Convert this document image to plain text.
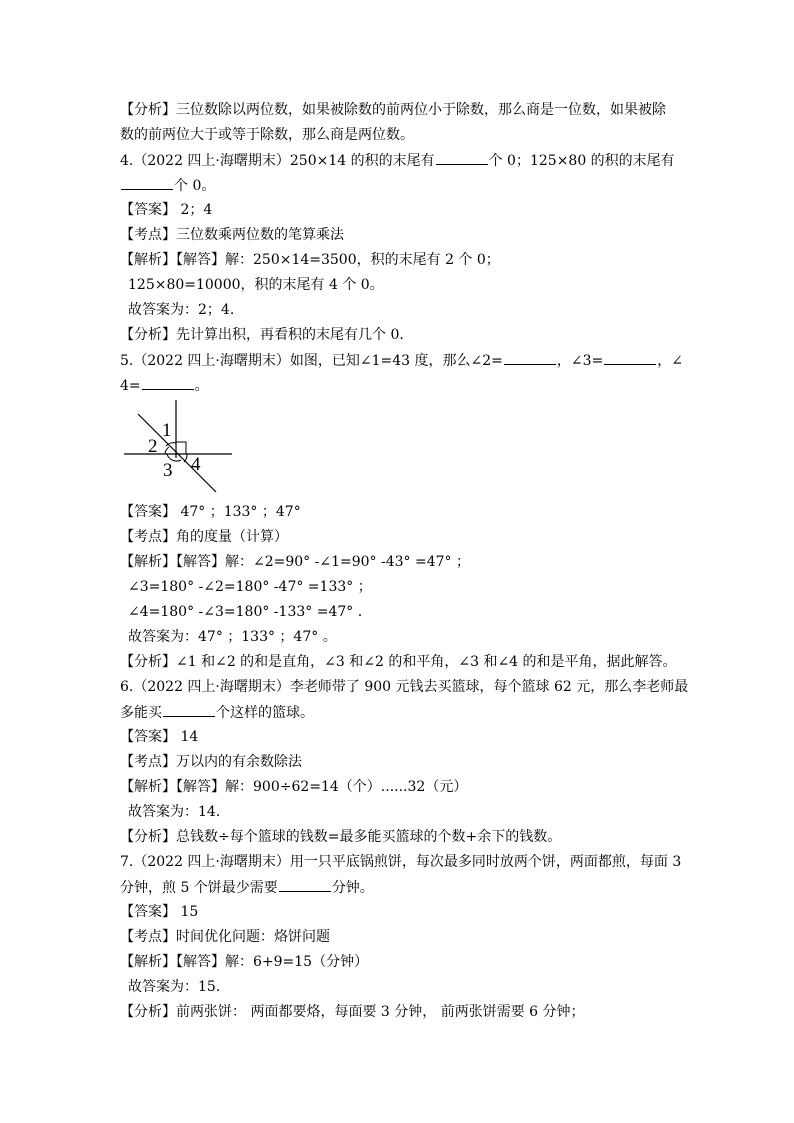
【分析】三位数除以两位数，如果被除数的前两位小于除数，那么商是一位数，如果被除
数的前两位大于或等于除数，那么商是两位数。
4.（2022 四上·海曙期末）250×14 的积的末尾有	个 0；125×80 的积的末尾有
个 0。
【答案】 2；4
【考点】三位数乘两位数的笔算乘法
【解析】【解答】解：250×14=3500，积的末尾有 2 个 0；
125×80=10000，积的末尾有 4 个 0。
故答案为：2；4.
【分析】先计算出积，再看积的末尾有几个 0.
5.（2022 四上·海曙期末）如图，已知∠1=43 度，那么∠2=	，∠3=	，∠
4=	。
1
2
3 4
【答案】 47° ；133° ；47°
【考点】角的度量（计算）
【解析】【解答】解：∠2=90° -∠1=90° -43° =47° ；
∠3=180° -∠2=180° -47° =133° ；
∠4=180° -∠3=180° -133° =47° .
故答案为：47° ；133° ；47° 。
【分析】∠1 和∠2 的和是直角，∠3 和∠2 的和平角，∠3 和∠4 的和是平角，据此解答。
6.（2022 四上·海曙期末）李老师带了 900 元钱去买篮球，每个篮球 62 元，那么李老师最
多能买	个这样的篮球。
【答案】 14
【考点】万以内的有余数除法
【解析】【解答】解：900÷62=14（个）......32（元）
故答案为：14.
【分析】总钱数÷每个篮球的钱数=最多能买篮球的个数+余下的钱数。
7.（2022 四上·海曙期末）用一只平底锅煎饼，每次最多同时放两个饼，两面都煎，每面 3
分钟，煎 5 个饼最少需要	分钟。
【答案】 15
【考点】时间优化问题：烙饼问题
【解析】【解答】解：6+9=15（分钟）
故答案为：15.
【分析】前两张饼： 两面都要烙，每面要 3 分钟， 前两张饼需要 6 分钟；
